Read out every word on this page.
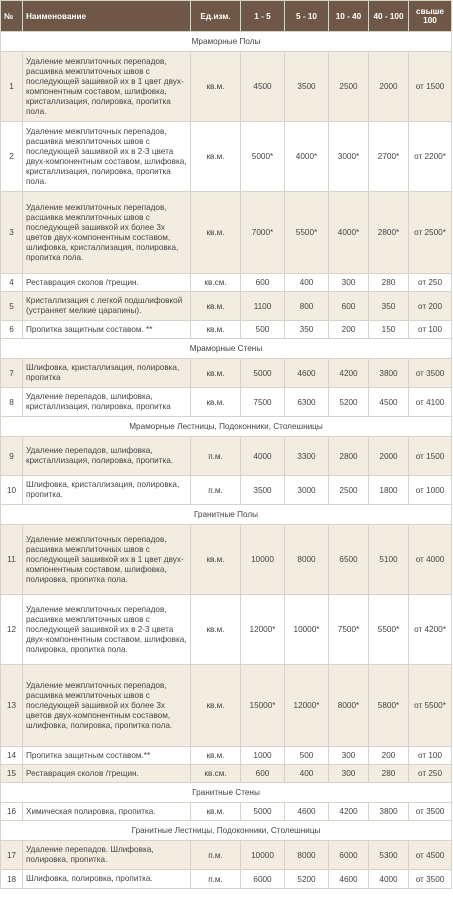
№	Наименование	Ед.изм.	1 - 5	5 - 10	10 - 40	40 - 100	свыше 100
Мраморные Полы							
1	Удаление межплиточных перепадов, расшивка межплиточных швов с последующей зашивкой их в 1 цвет двух-компонентным составом, шлифовка, кристаллизация, полировка, пропитка пола.	кв.м.	4500	3500	2500	2000	от 1500
2	Удаление межплиточных перепадов, расшивка межплиточных швов с последующей зашивкой их в 2-3 цвета двух-компонентным составом, шлифовка, кристаллизация, полировка, пропитка пола.	кв.м.	5000*	4000*	3000*	2700*	от 2200*
3	Удаление межплиточных перепадов, расшивка межплиточных швов с последующей зашивкой их более 3х цветов двух-компонентным составом, шлифовка, кристаллизация, полировка, пропитка пола.	кв.м.	7000*	5500*	4000*	2800*	от 2500*
4	Реставрация сколов /трещин.	кв.см.	600	400	300	280	от 250
5	Кристаллизация с легкой подшлифовкой (устраняет мелкие царапины).	кв.м.	1100	800	600	350	от 200
6	Пропитка защитным составом. **	кв.м.	500	350	200	150	от 100
Мраморные Стены							
7	Шлифовка, кристаллизация, полировка, пропитка	кв.м.	5000	4600	4200	3800	от 3500
8	Удаление перепадов, шлифовка, кристаллизация, полировка, пропитка	кв.м.	7500	6300	5200	4500	от 4100
Мраморные Лестницы, Подоконники, Столешницы							
9	Удаление перепадов, шлифовка, кристаллизация, полировка, пропитка.	п.м.	4000	3300	2800	2000	от 1500
10	Шлифовка, кристаллизация, полировка, пропитка.	п.м.	3500	3000	2500	1800	от 1000
Гранитные Полы							
11	Удаление межплиточных перепадов, расшивка межплиточных швов с последующей зашивкой их в 1 цвет двух-компонентным составом, шлифовка, полировка, пропитка пола.	кв.м.	10000	8000	6500	5100	от 4000
12	Удаление межплиточных перепадов, расшивка межплиточных швов с последующей зашивкой их в 2-3 цвета двух-компонентным составом, шлифовка, полировка, пропитка пола.	кв.м.	12000*	10000*	7500*	5500*	от 4200*
13	Удаление межплиточных перепадов, расшивка межплиточных швов с последующей зашивкой их более 3х цветов двух-компонентным составом, шлифовка, полировка, пропитка пола.	кв.м.	15000*	12000*	8000*	5800*	от 5500*
14	Пропитка защитным составом.**	кв.м.	1000	500	300	200	от 100
15	Реставрация сколов /трещин.	кв.см.	600	400	300	280	от 250
Гранитные Стены							
16	Химическая полировка, пропитка.	кв.м.	5000	4600	4200	3800	от 3500
Гранитные Лестницы, Подоконники, Столешницы							
17	Удаление перепадов. Шлифовка, полировка, пропитка.	п.м.	10000	8000	6000	5300	от 4500
18	Шлифовка, полировка, пропитка.	п.м.	6000	5200	4600	4000	от 3500
